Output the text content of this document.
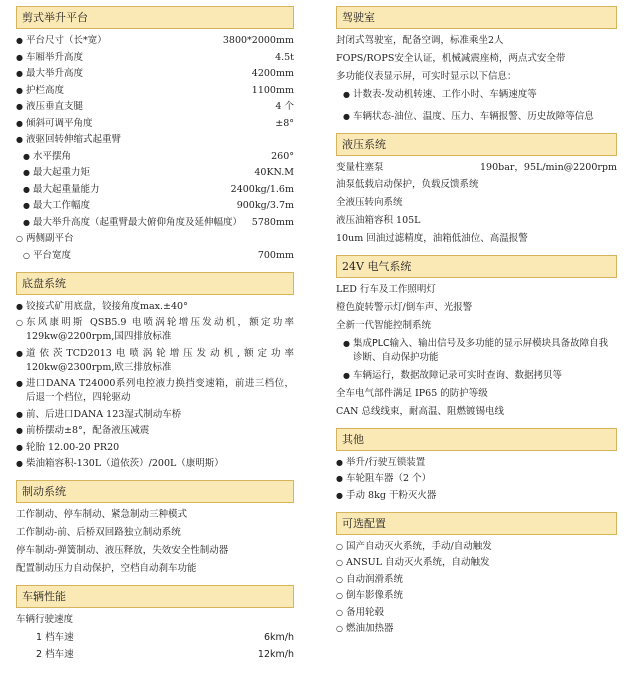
剪式举升平台
● 平台尺寸（长*宽）	3800*2000mm
● 车厢举升高度	4.5t
● 最大举升高度	4200mm
● 护栏高度	1100mm
● 液压垂直支腿	4 个
● 倾斜可调平角度	±8°
● 液驱回转伸缩式起重臂
● 水平摆角	260°
● 最大起重力矩	40KN.M
● 最大起重量能力	2400kg/1.6m
● 最大工作幅度	900kg/3.7m
● 最大举升高度（起重臂最大俯仰角度及延伸幅度）	5780mm
○ 两侧副平台
○ 平台宽度	700mm
底盘系统
● 铰接式矿用底盘，铰接角度max.±40°
○ 东风康明斯 QSB5.9 电喷涡轮增压发动机，额定功率129kw@2200rpm,国四排放标准
● 道依茨TCD2013电喷涡轮增压发动机,额定功率120kw@2300rpm,欧三排放标准
● 进口DANA T24000系列电控液力换挡变速箱，前进三档位，后退一个档位，四轮驱动
● 前、后进口DANA 123湿式制动车桥
● 前桥摆动±8°，配备液压减震
● 轮胎 12.00-20 PR20
● 柴油箱容积-130L（道依茨）/200L（康明斯）
制动系统
工作制动、停车制动、紧急制动三种模式
工作制动-前、后桥双回路独立制动系统
停车制动-弹簧制动、液压释放，失效安全性制动器
配置制动压力自动保护，空档自动刹车功能
车辆性能
车辆行驶速度
1 档车速	6km/h
2 档车速	12km/h
驾驶室
封闭式驾驶室，配备空调，标准乘坐2人
FOPS/ROPS安全认证，机械减震座椅，两点式安全带
多功能仪表显示屏，可实时显示以下信息：
● 计数表-发动机转速、工作小时、车辆速度等
● 车辆状态-油位、温度、压力、车辆报警、历史故障等信息
液压系统
变量柱塞泵	190bar，95L/min@2200rpm
油泵低载启动保护，负载反馈系统
全液压转向系统
液压油箱容积 105L
10um 回油过滤精度，油箱低油位、高温报警
24V 电气系统
LED 行车及工作照明灯
橙色旋转警示灯/倒车声、光报警
全新一代智能控制系统
● 集成PLC输入、输出信号及多功能的显示屏模块具备故障自我诊断、自动保护功能
● 车辆运行，数据故障记录可实时查询、数据拷贝等
全车电气部件满足 IP65 的防护等级
CAN 总线线束，耐高温、阻燃镀锡电线
其他
● 举升/行驶互锁装置
● 车轮阻车器（2 个）
● 手动 8kg 干粉灭火器
可选配置
○ 国产自动灭火系统，手动/自动触发
○ ANSUL 自动灭火系统，自动触发
○ 自动润滑系统
○ 倒车影像系统
○ 备用轮毂
○ 燃油加热器
